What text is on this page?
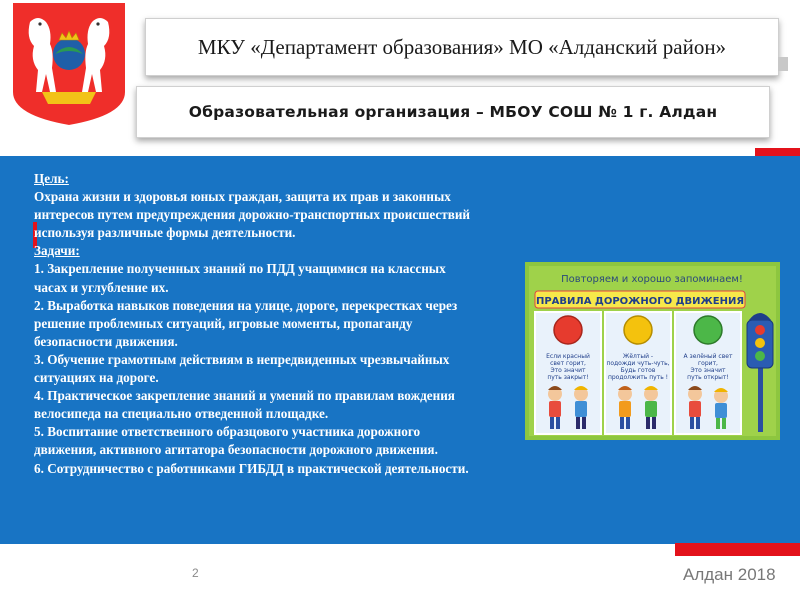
МКУ «Департамент образования» МО «Алданский район»
Образовательная организация – МБОУ СОШ № 1 г. Алдан
Цель:
Охрана жизни и здоровья юных граждан, защита их прав и законных интересов путем предупреждения дорожно-транспортных происшествий используя различные формы деятельности.
Задачи:
1. Закрепление полученных знаний по ПДД учащимися на классных часах и углубление их.
2. Выработка навыков поведения на улице, дороге, перекрестках через решение проблемных ситуаций, игровые моменты, пропаганду безопасности движения.
3. Обучение грамотным действиям в непредвиденных чрезвычайных ситуациях на дороге.
4. Практическое закрепление знаний и умений по правилам вождения велосипеда на специально отведенной площадке.
5. Воспитание ответственного образцового участника дорожного движения, активного агитатора безопасности дорожного движения.
6. Сотрудничество с работниками ГИБДД в практической деятельности.
Повторяем и хорошо запоминаем!
ПРАВИЛА ДОРОЖНОГО ДВИЖЕНИЯ
Если красный
свет горит,
Это значит
путь закрыт!
Жёлтый -
подожди чуть-чуть,
Будь готов
продолжить путь !
А зелёный свет
горит,
Это значит
путь открыт!
2	Алдан 2018
